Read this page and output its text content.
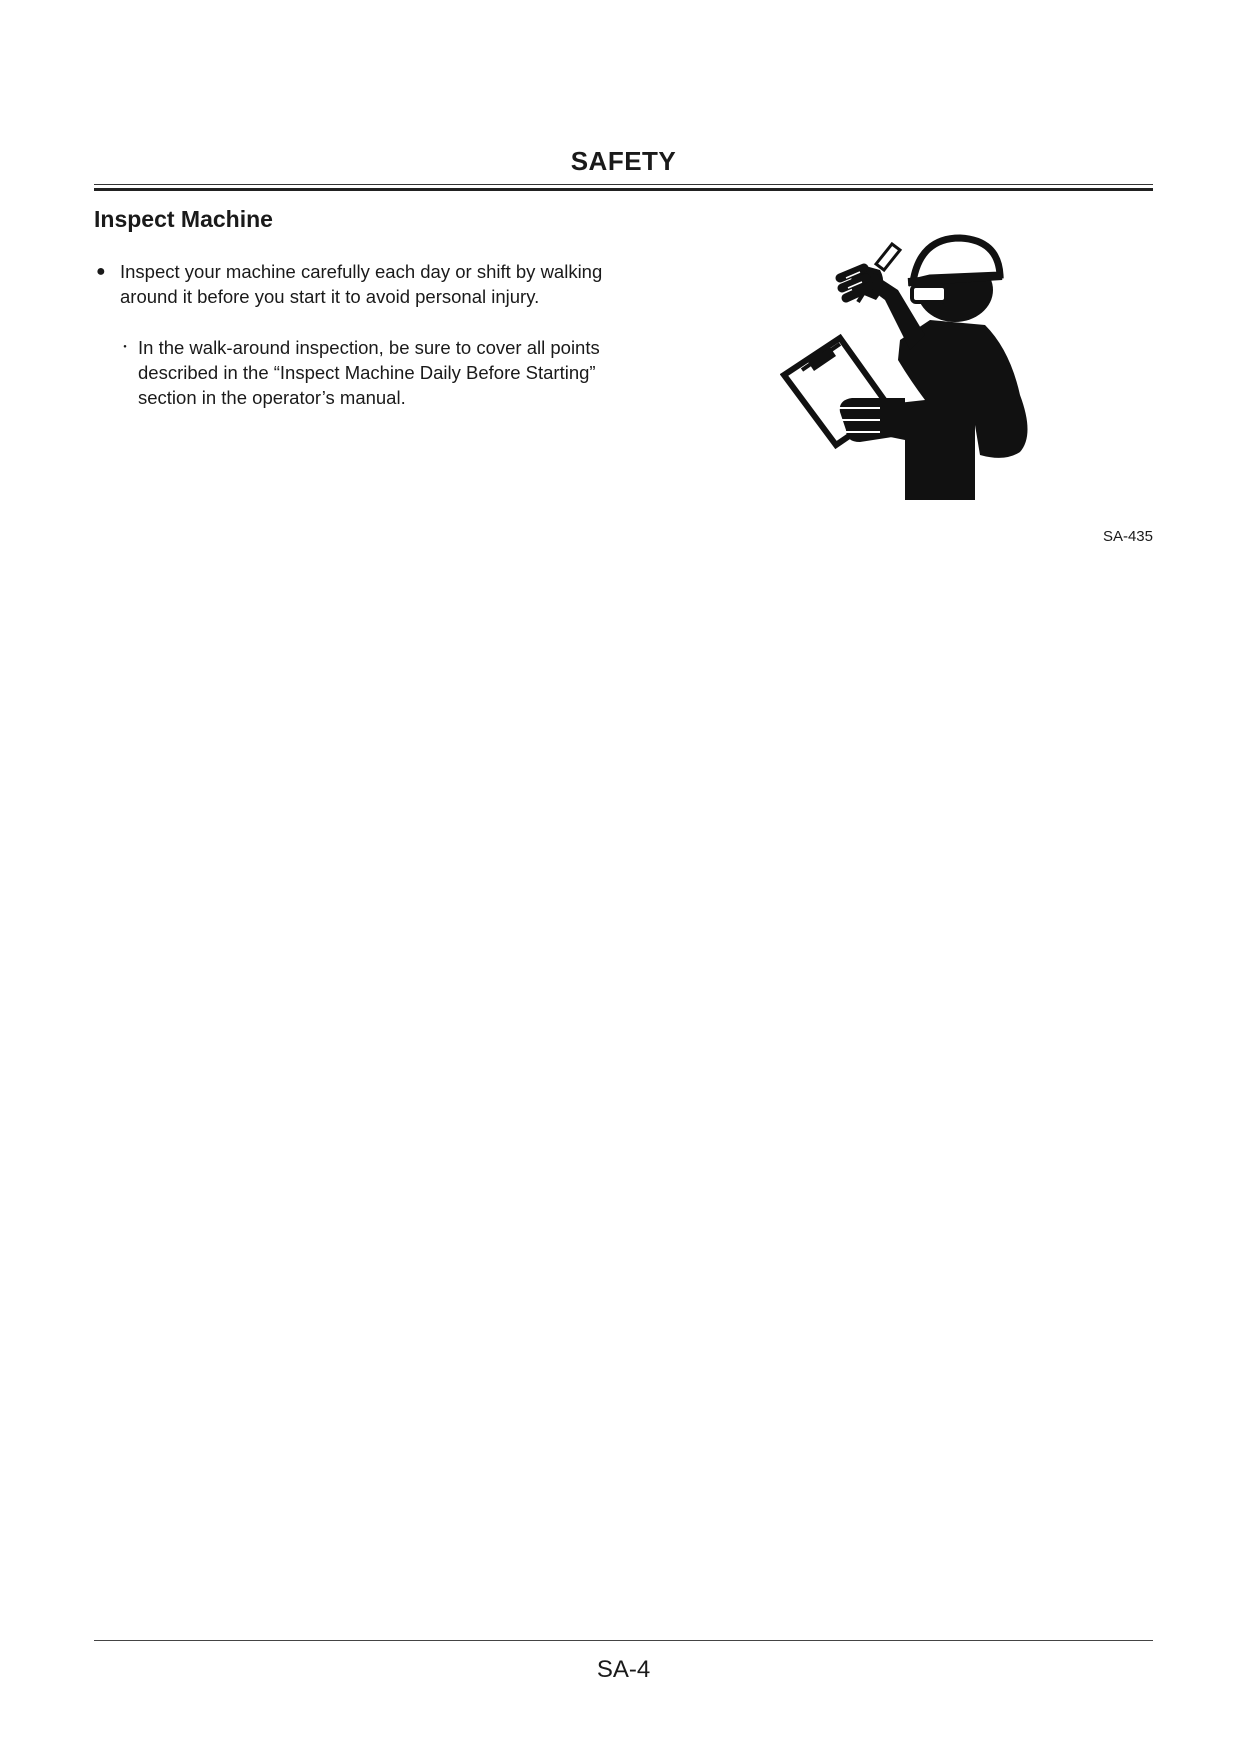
SAFETY
Inspect Machine
● Inspect your machine carefully each day or shift by walking around it before you start it to avoid personal injury.
・ In the walk-around inspection, be sure to cover all points described in the “Inspect Machine Daily Before Starting” section in the operator’s manual.
SA-435
SA-4
